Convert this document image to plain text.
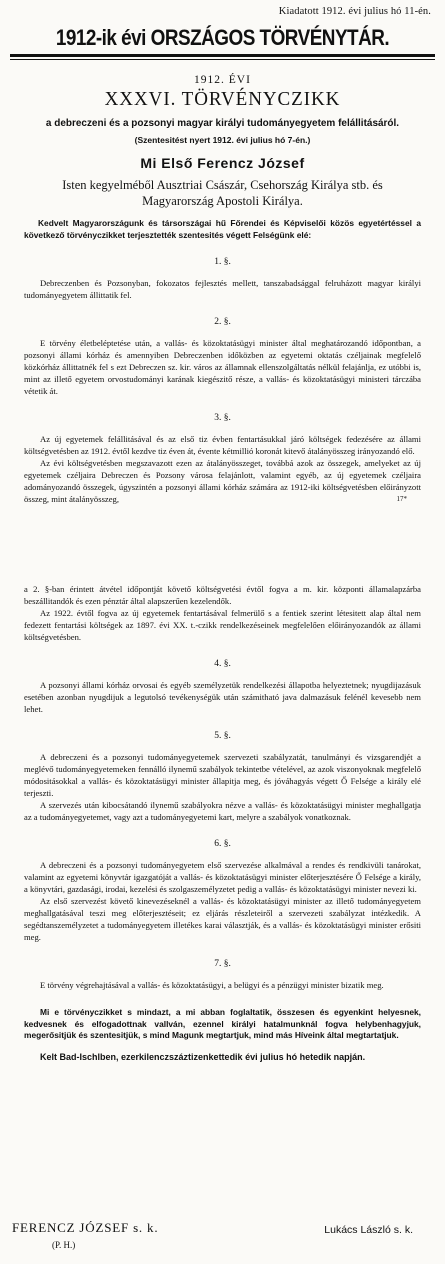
Kiadatott 1912. évi julius hó 11-én.
1912-ik évi ORSZÁGOS TÖRVÉNYTÁR.
1912. ÉVI
XXXVI. TÖRVÉNYCZIKK
a debreczeni és a pozsonyi magyar királyi tudományegyetem felállitásáról.
(Szentesitést nyert 1912. évi julius hó 7-én.)
Mi Első Ferencz József
Isten kegyelméből Ausztriai Császár, Csehország Királya stb. és
Magyarország Apostoli Királya.
Kedvelt Magyarországunk és társországai hű Főrendei és Képviselői közös egyetértéssel a következő törvényczikket terjesztették szentesités végett Felségünk elé:
1. §.
Debreczenben és Pozsonyban, fokozatos fejlesztés mellett, tanszabadsággal felruházott magyar királyi tudományegyetem állittatik fel.
2. §.
E törvény életbeléptetése után, a vallás- és közoktatásügyi minister által meghatározandó időpontban, a pozsonyi állami kórház és amennyiben Debreczenben időközben az egyetemi oktatás czéljainak megfelelő közkórház állittatnék fel s ezt Debreczen sz. kir. város az államnak ellenszolgáltatás nélkül felajánlja, ez utóbbi is, mint az illető egyetem orvostudományi karának kiegészitő része, a vallás- és közoktatásügyi ministeri tárczába vétetik át.
3. §.
Az új egyetemek felállitásával és az első tiz évben fentartásukkal járó költségek fedezésére az állami költségvetésben az 1912. évtől kezdve tiz éven át, évente kétmillió koronát kitevő átalányösszeg irányozandó elő.
Az évi költségvetésben megszavazott ezen az átalányösszeget, továbbá azok az összegek, amelyeket az új egyetemek czéljaira Debreczen és Pozsony városa felajánlott, valamint egyéb, az új egyetemek czéljaira adományozandó összegek, úgyszintén a pozsonyi állami kórház számára az 1912-iki költségvetésben előirányzott összeg, mint átalányösszeg,	17*
a 2. §-ban érintett átvétel időpontját követő költségvetési évtől fogva a m. kir. központi államalapzárba beszállitandók és ezen pénztár által alapszerűen kezelendők.
Az 1922. évtől fogva az új egyetemek fentartásával felmerülő s a fentiek szerint létesitett alap által nem fedezett fentartási költségek az 1897. évi XX. t.-czikk rendelkezéseinek megfelelően előirányozandók az állami költségvetésben.
4. §.
A pozsonyi állami kórház orvosai és egyéb személyzetük rendelkezési állapotba helyeztetnek; nyugdijazásuk esetében azonban nyugdijuk a legutolsó tevékenységük után számitható java dalmazásuk felénél kevesebb nem lehet.
5. §.
A debreczeni és a pozsonyi tudományegyetemek szervezeti szabályzatát, tanulmányi és vizsgarendjét a meglévő tudományegyetemeken fennálló ilynemű szabályok tekintetbe vételével, az azok viszonyoknak megfelelő módositásokkal a vallás- és közoktatásügyi minister állapitja meg, és jóváhagyás végett Ő Felsége a király elé terjeszti.
A szervezés után kibocsátandó ilynemű szabályokra nézve a vallás- és közoktatásügyi minister meghallgatja az a tudományegyetemet, vagy azt a tudományegyetemi kart, melyre a szabályok vonatkoznak.
6. §.
A debreczeni és a pozsonyi tudományegyetem első szervezése alkalmával a rendes és rendkivüli tanárokat, valamint az egyetemi könyvtár igazgatóját a vallás- és közoktatásügyi minister előterjesztésére Ő Felsége a király, a könyvtári, gazdasági, irodai, kezelési és szolgaszemélyzetet pedig a vallás- és közoktatásügyi minister nevezi ki.
Az első szervezést követő kinevezéseknél a vallás- és közoktatásügyi minister az illető tudományegyetem meghallgatásával teszi meg előterjesztéseit; ez eljárás részleteiről a szervezeti szabályzat intézkedik. A segédtanszemélyzetet a tudományegyetem illetékes karai választják, és a vallás- és közoktatásügyi minister erősiti meg.
7. §.
E törvény végrehajtásával a vallás- és közoktatásügyi, a belügyi és a pénzügyi minister bizatik meg.
Mi e törvényczikket s mindazt, a mi abban foglaltatik, összesen és egyenkint helyesnek, kedvesnek és elfogadottnak vallván, ezennel királyi hatalmunknál fogva helybenhagyjuk, megerősitjük és szentesitjük, s mind Magunk megtartjuk, mind más Híveink által megtartatjuk.
Kelt Bad-Ischlben, ezerkilenczszáztizenkettedik évi julius hó hetedik napján.
FERENCZ JÓZSEF s. k.
(P. H.)
Lukács László s. k.
